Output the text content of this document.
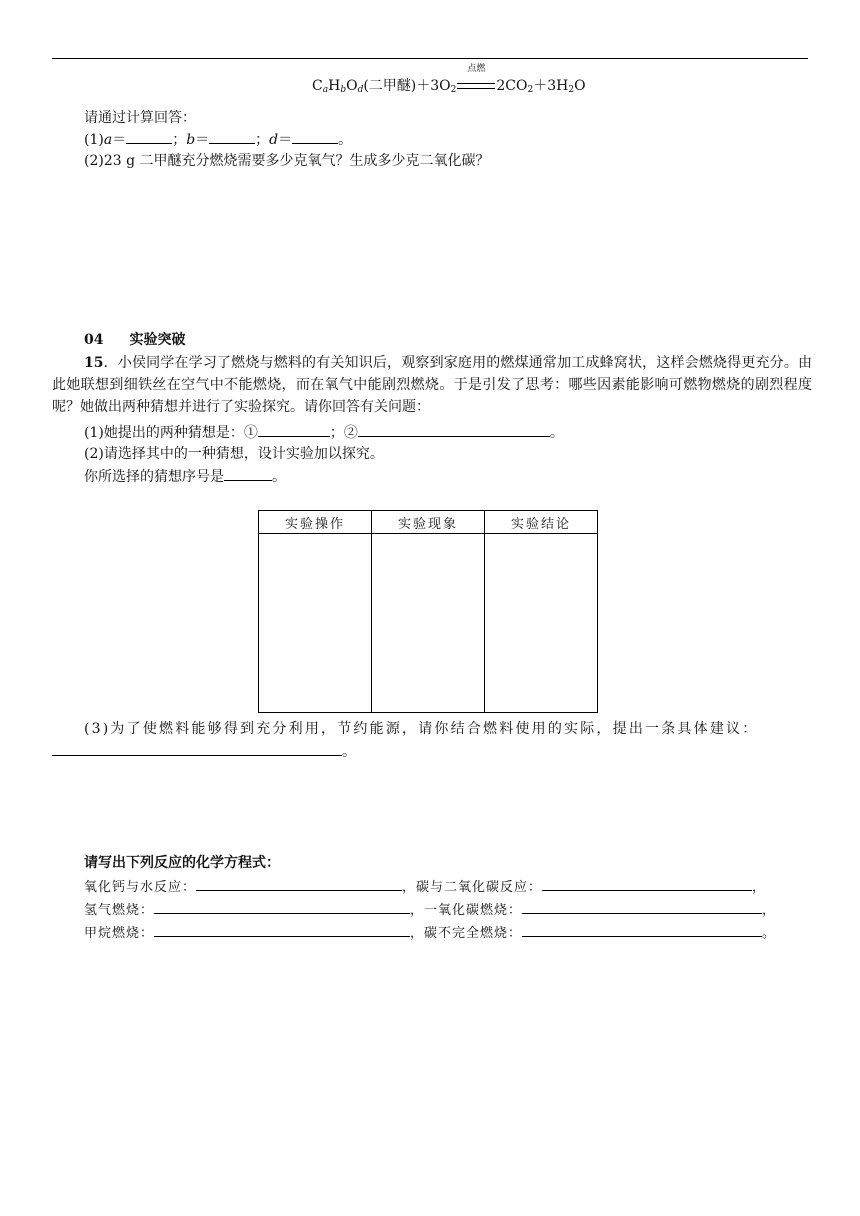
$C_aH_bO_d$(二甲醚)$+3O_2$
点燃
$2CO_2+3H_2O$
请通过计算回答：
(1)a＝	；b＝	；d＝	。
(2)23 g 二甲醚充分燃烧需要多少克氧气？生成多少克二氧化碳？
04 实验突破
15．小侯同学在学习了燃烧与燃料的有关知识后，观察到家庭用的燃煤通常加工成蜂窝状，这样会燃烧得更充分。由此她联想到细铁丝在空气中不能燃烧，而在氧气中能剧烈燃烧。于是引发了思考：哪些因素能影响可燃物燃烧的剧烈程度呢？她做出两种猜想并进行了实验探究。请你回答有关问题：
(1)她提出的两种猜想是：①	；②	。
(2)请选择其中的一种猜想，设计实验加以探究。
你所选择的猜想序号是	。
实验操作	实验现象	实验结论

(3)为了使燃料能够得到充分利用，节约能源，请你结合燃料使用的实际，提出一条具体建议：
。
请写出下列反应的化学方程式：
氧化钙与水反应：	，碳与二氧化碳反应：	，
氢气燃烧：	，一氧化碳燃烧：	，
甲烷燃烧：	，碳不完全燃烧：	。
